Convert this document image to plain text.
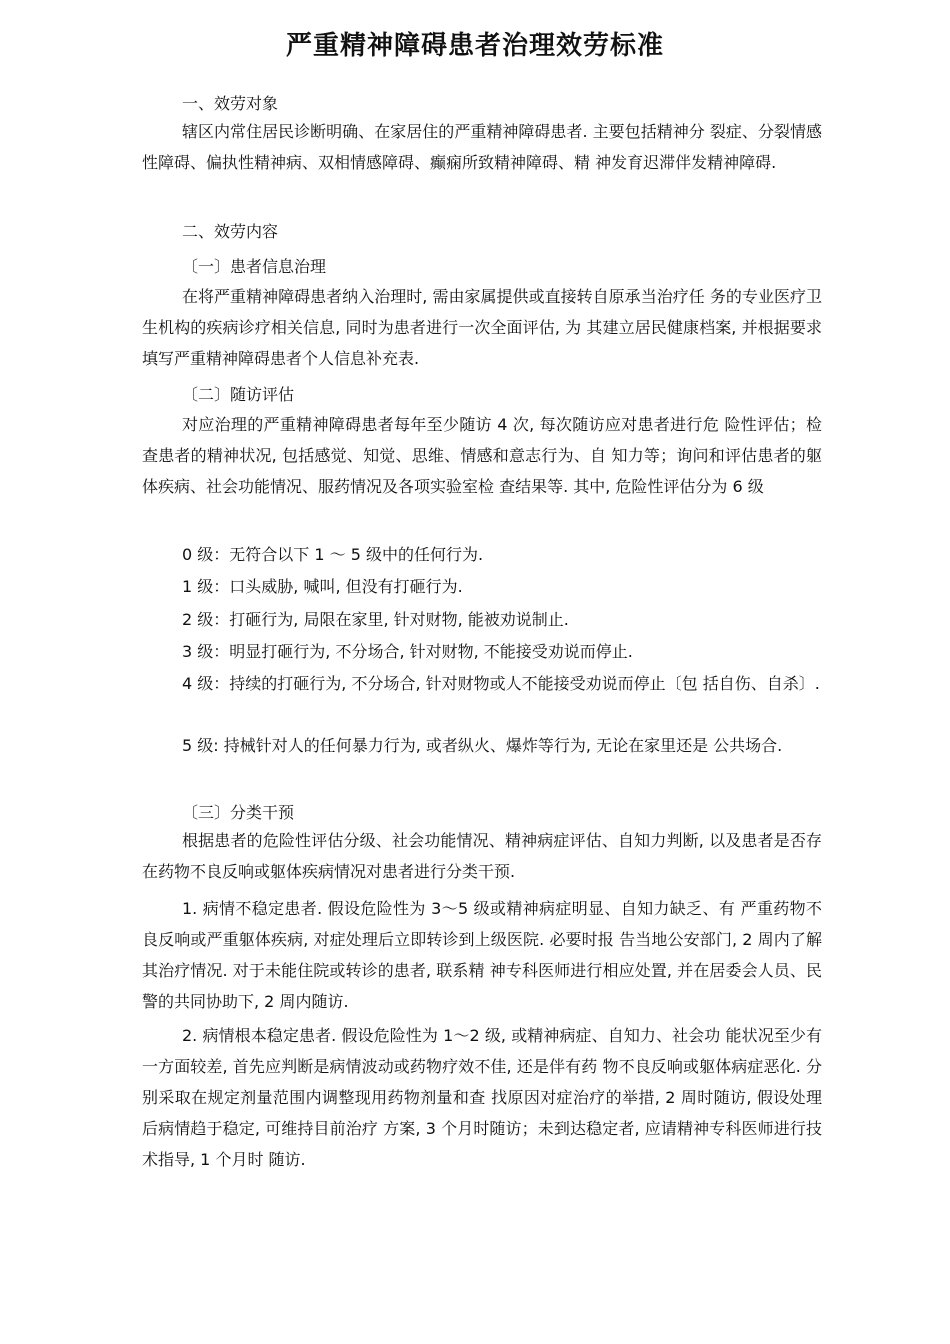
严重精神障碍患者治理效劳标准

一、效劳对象

辖区内常住居民诊断明确、在家居住的严重精神障碍患者. 主要包括精神分 裂症、分裂情感性障碍、偏执性精神病、双相情感障碍、癫痫所致精神障碍、精 神发育迟滞伴发精神障碍.

二、效劳内容

〔一〕患者信息治理

在将严重精神障碍患者纳入治理时, 需由家属提供或直接转自原承当治疗任 务的专业医疗卫生机构的疾病诊疗相关信息, 同时为患者进行一次全面评估, 为 其建立居民健康档案, 并根据要求填写严重精神障碍患者个人信息补充表.

〔二〕随访评估

对应治理的严重精神障碍患者每年至少随访 4 次, 每次随访应对患者进行危 险性评估；检查患者的精神状况, 包括感觉、知觉、思维、情感和意志行为、自 知力等；询问和评估患者的躯体疾病、社会功能情况、服药情况及各项实验室检 查结果等. 其中, 危险性评估分为 6 级

0 级：无符合以下 1 ～ 5 级中的任何行为.

1 级：口头威胁, 喊叫, 但没有打砸行为.

2 级：打砸行为, 局限在家里, 针对财物, 能被劝说制止.

3 级：明显打砸行为, 不分场合, 针对财物, 不能接受劝说而停止.

4 级：持续的打砸行为, 不分场合, 针对财物或人不能接受劝说而停止〔包 括自伤、自杀〕.

5 级: 持械针对人的任何暴力行为, 或者纵火、爆炸等行为, 无论在家里还是 公共场合.

〔三〕分类干预

根据患者的危险性评估分级、社会功能情况、精神病症评估、自知力判断, 以及患者是否存在药物不良反响或躯体疾病情况对患者进行分类干预.

1. 病情不稳定患者. 假设危险性为 3～5 级或精神病症明显、自知力缺乏、有 严重药物不良反响或严重躯体疾病, 对症处理后立即转诊到上级医院. 必要时报 告当地公安部门, 2 周内了解其治疗情况. 对于未能住院或转诊的患者, 联系精 神专科医师进行相应处置, 并在居委会人员、民警的共同协助下, 2 周内随访.

2. 病情根本稳定患者. 假设危险性为 1～2 级, 或精神病症、自知力、社会功 能状况至少有一方面较差, 首先应判断是病情波动或药物疗效不佳, 还是伴有药 物不良反响或躯体病症恶化. 分别采取在规定剂量范围内调整现用药物剂量和查 找原因对症治疗的举措, 2 周时随访, 假设处理后病情趋于稳定, 可维持目前治疗 方案, 3 个月时随访；未到达稳定者, 应请精神专科医师进行技术指导, 1 个月时 随访.
